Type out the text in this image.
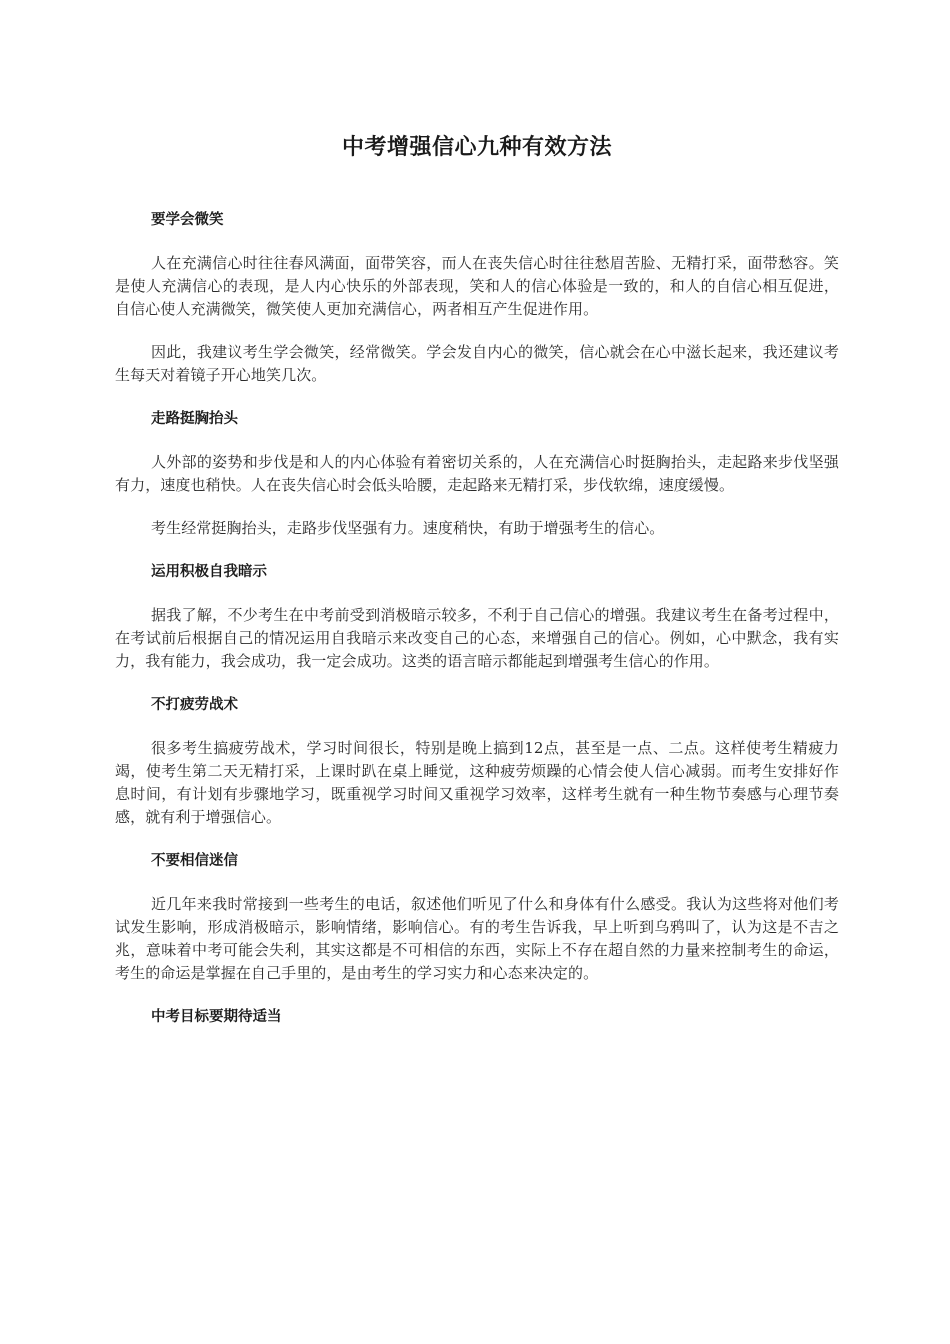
中考增强信心九种有效方法
要学会微笑

人在充满信心时往往春风满面，面带笑容，而人在丧失信心时往往愁眉苦脸、无精打采，面带愁容。笑是使人充满信心的表现，是人内心快乐的外部表现，笑和人的信心体验是一致的，和人的自信心相互促进，自信心使人充满微笑，微笑使人更加充满信心，两者相互产生促进作用。

因此，我建议考生学会微笑，经常微笑。学会发自内心的微笑，信心就会在心中滋长起来，我还建议考生每天对着镜子开心地笑几次。

走路挺胸抬头

人外部的姿势和步伐是和人的内心体验有着密切关系的，人在充满信心时挺胸抬头，走起路来步伐坚强有力，速度也稍快。人在丧失信心时会低头哈腰，走起路来无精打采，步伐软绵，速度缓慢。

考生经常挺胸抬头，走路步伐坚强有力。速度稍快，有助于增强考生的信心。

运用积极自我暗示

据我了解，不少考生在中考前受到消极暗示较多，不利于自己信心的增强。我建议考生在备考过程中，在考试前后根据自己的情况运用自我暗示来改变自己的心态，来增强自己的信心。例如，心中默念，我有实力，我有能力，我会成功，我一定会成功。这类的语言暗示都能起到增强考生信心的作用。

不打疲劳战术

很多考生搞疲劳战术，学习时间很长，特别是晚上搞到12点，甚至是一点、二点。这样使考生精疲力竭，使考生第二天无精打采，上课时趴在桌上睡觉，这种疲劳烦躁的心情会使人信心减弱。而考生安排好作息时间，有计划有步骤地学习，既重视学习时间又重视学习效率，这样考生就有一种生物节奏感与心理节奏感，就有利于增强信心。

不要相信迷信

近几年来我时常接到一些考生的电话，叙述他们听见了什么和身体有什么感受。我认为这些将对他们考试发生影响，形成消极暗示，影响情绪，影响信心。有的考生告诉我，早上听到乌鸦叫了，认为这是不吉之兆，意味着中考可能会失利，其实这都是不可相信的东西，实际上不存在超自然的力量来控制考生的命运，考生的命运是掌握在自己手里的，是由考生的学习实力和心态来决定的。

中考目标要期待适当
